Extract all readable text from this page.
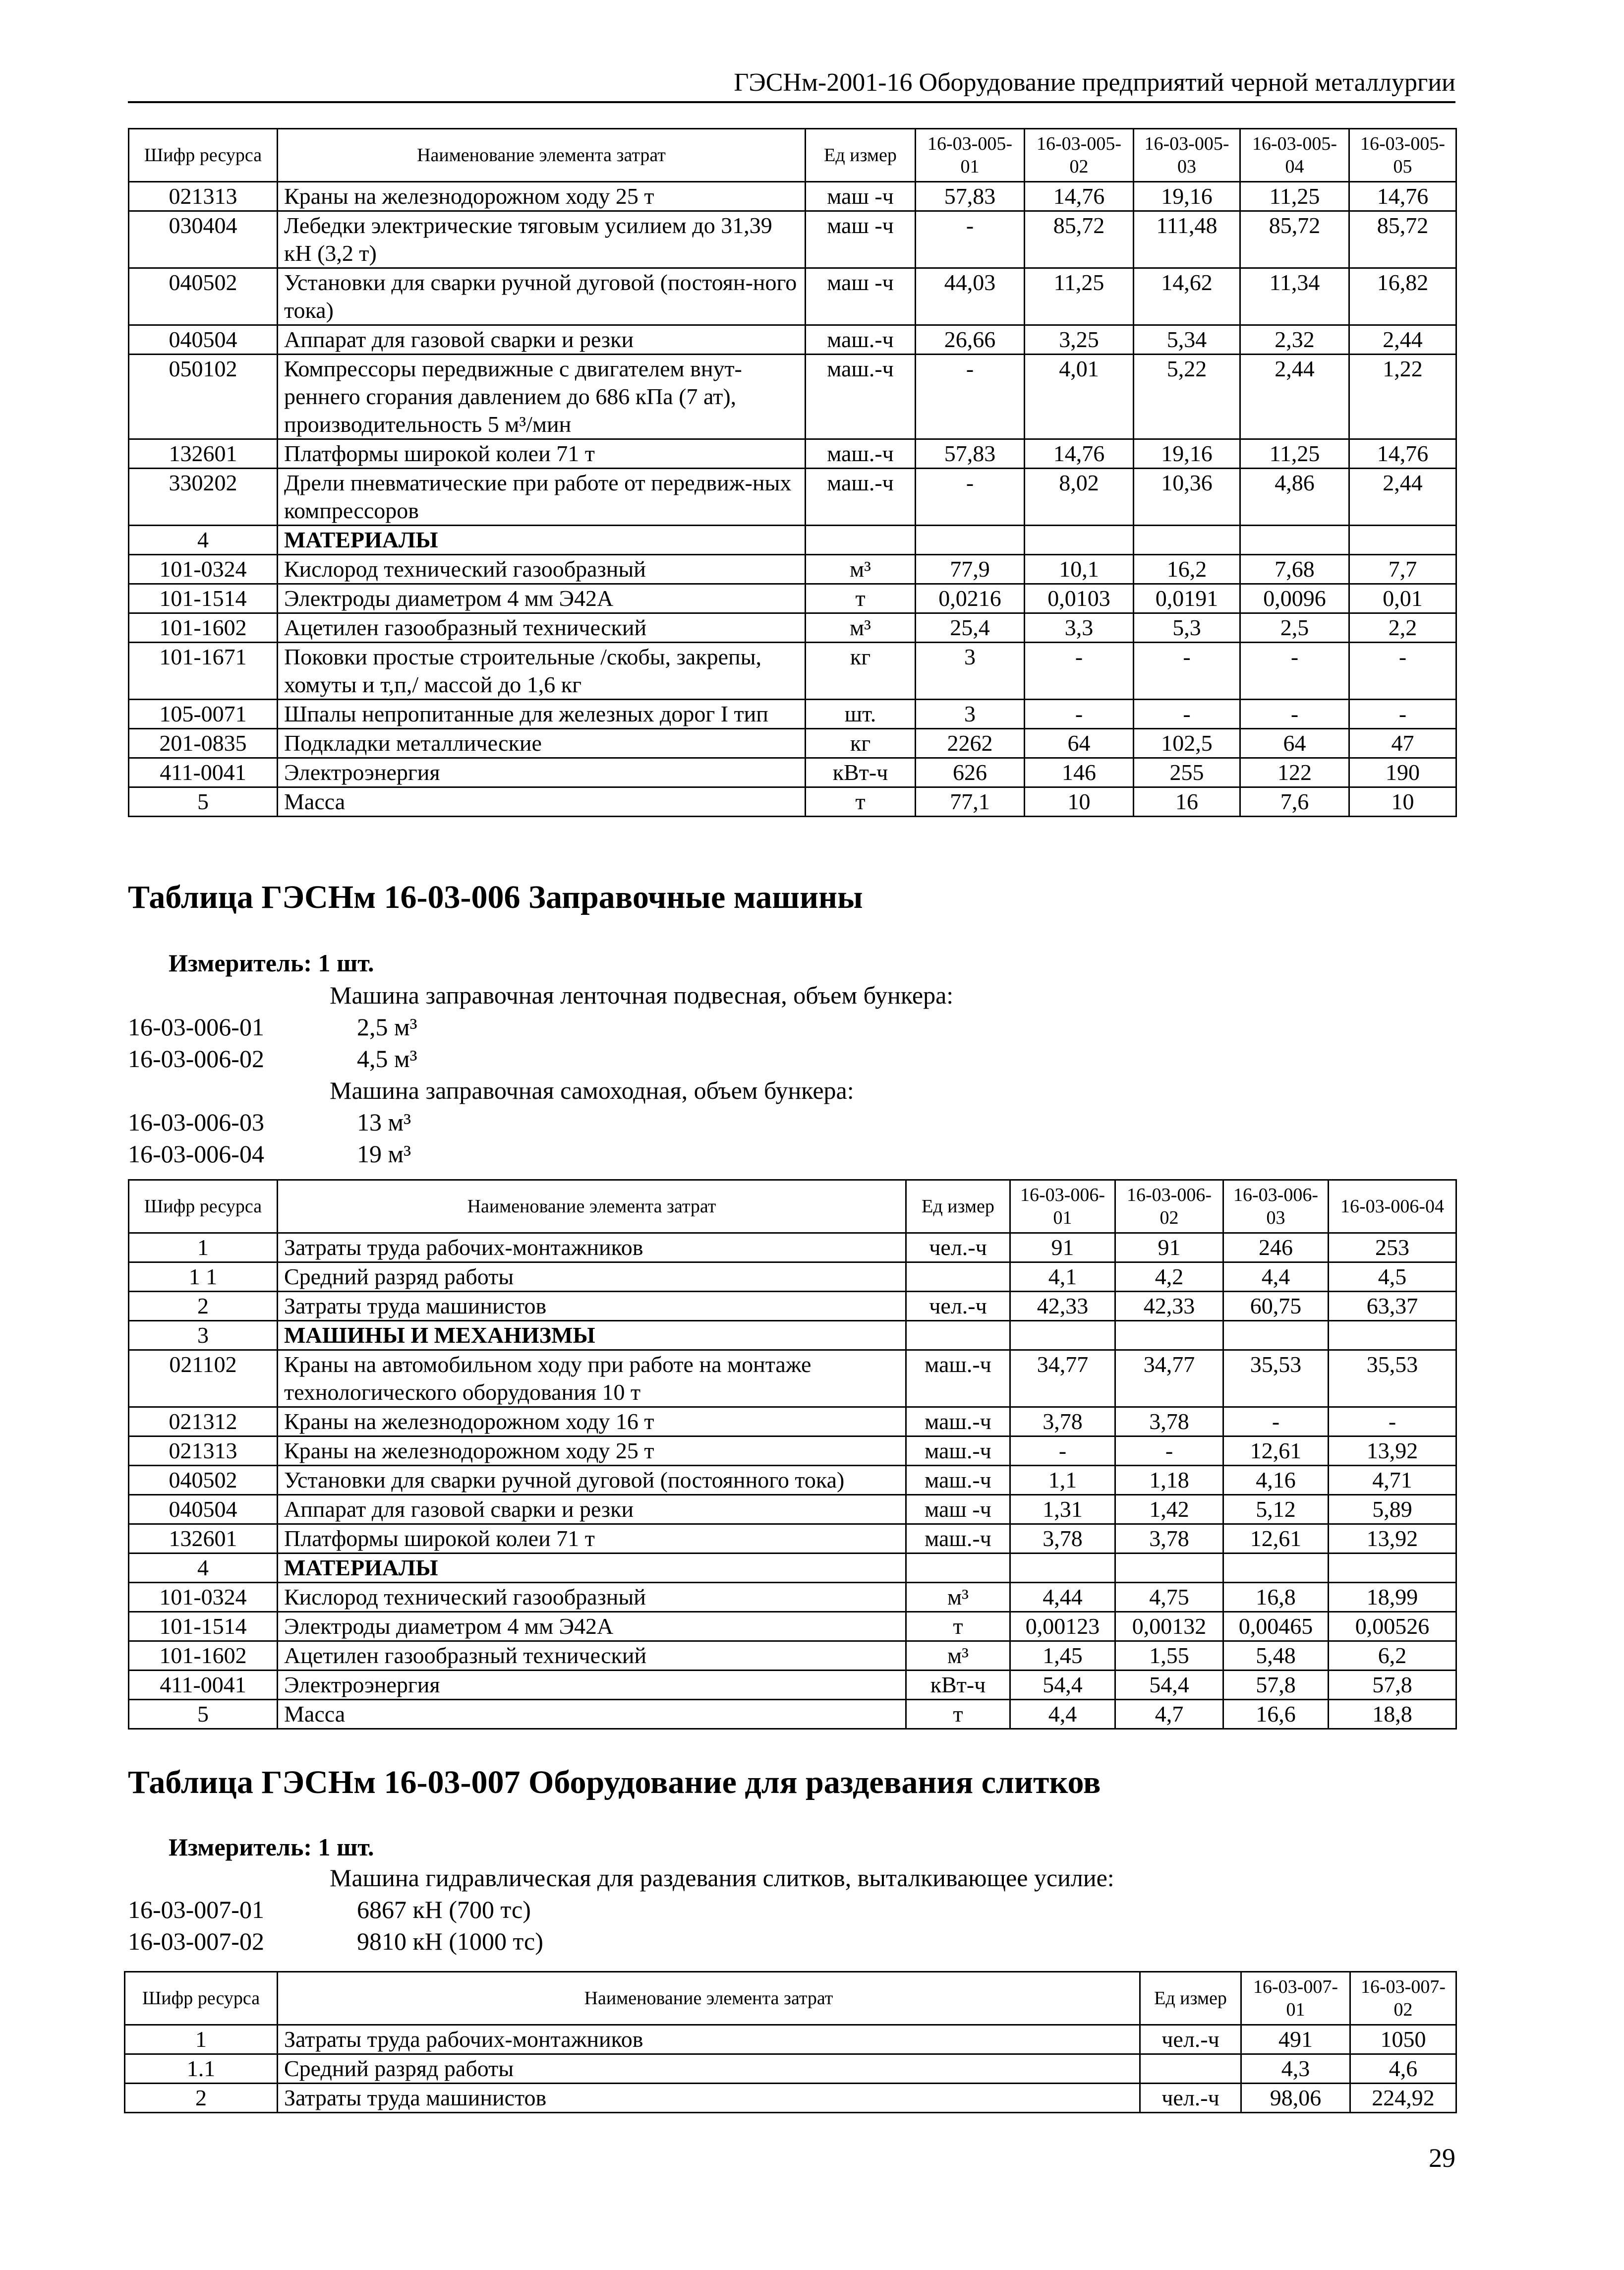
ГЭСНм-2001-16 Оборудование предприятий черной металлургии
Шифр ресурса	Наименование элемента затрат	Ед измер	16-03-005-01	16-03-005-02	16-03-005-03	16-03-005-04	16-03-005-05
021313	Краны на железнодорожном ходу 25 т	маш -ч	57,83	14,76	19,16	11,25	14,76
030404	Лебедки электрические тяговым усилием до 31,39 кН (3,2 т)	маш -ч	-	85,72	111,48	85,72	85,72
040502	Установки для сварки ручной дуговой (постоян-ного тока)	маш -ч	44,03	11,25	14,62	11,34	16,82
040504	Аппарат для газовой сварки и резки	маш.-ч	26,66	3,25	5,34	2,32	2,44
050102	Компрессоры передвижные с двигателем внут-реннего сгорания давлением до 686 кПа (7 ат), производительность 5 м³/мин	маш.-ч	-	4,01	5,22	2,44	1,22
132601	Платформы широкой колеи 71 т	маш.-ч	57,83	14,76	19,16	11,25	14,76
330202	Дрели пневматические при работе от передвиж-ных компрессоров	маш.-ч	-	8,02	10,36	4,86	2,44
4	МАТЕРИАЛЫ						
101-0324	Кислород технический газообразный	м³	77,9	10,1	16,2	7,68	7,7
101-1514	Электроды диаметром 4 мм Э42А	т	0,0216	0,0103	0,0191	0,0096	0,01
101-1602	Ацетилен газообразный технический	м³	25,4	3,3	5,3	2,5	2,2
101-1671	Поковки простые строительные /скобы, закрепы, хомуты и т,п,/ массой до 1,6 кг	кг	3	-	-	-	-
105-0071	Шпалы непропитанные для железных дорог I тип	шт.	3	-	-	-	-
201-0835	Подкладки металлические	кг	2262	64	102,5	64	47
411-0041	Электроэнергия	кВт-ч	626	146	255	122	190
5	Масса	т	77,1	10	16	7,6	10
Таблица ГЭСНм 16-03-006 Заправочные машины
Измеритель: 1 шт.
Машина заправочная ленточная подвесная, объем бункера:
16-03-006-01	2,5 м³
16-03-006-02	4,5 м³
Машина заправочная самоходная, объем бункера:
16-03-006-03	13 м³
16-03-006-04	19 м³
Шифр ресурса	Наименование элемента затрат	Ед измер	16-03-006-01	16-03-006-02	16-03-006-03	16-03-006-04
1	Затраты труда рабочих-монтажников	чел.-ч	91	91	246	253
1 1	Средний разряд работы		4,1	4,2	4,4	4,5
2	Затраты труда машинистов	чел.-ч	42,33	42,33	60,75	63,37
3	МАШИНЫ И МЕХАНИЗМЫ					
021102	Краны на автомобильном ходу при работе на монтаже технологического оборудования 10 т	маш.-ч	34,77	34,77	35,53	35,53
021312	Краны на железнодорожном ходу 16 т	маш.-ч	3,78	3,78	-	-
021313	Краны на железнодорожном ходу 25 т	маш.-ч	-	-	12,61	13,92
040502	Установки для сварки ручной дуговой (постоянного тока)	маш.-ч	1,1	1,18	4,16	4,71
040504	Аппарат для газовой сварки и резки	маш -ч	1,31	1,42	5,12	5,89
132601	Платформы широкой колеи 71 т	маш.-ч	3,78	3,78	12,61	13,92
4	МАТЕРИАЛЫ					
101-0324	Кислород технический газообразный	м³	4,44	4,75	16,8	18,99
101-1514	Электроды диаметром 4 мм Э42А	т	0,00123	0,00132	0,00465	0,00526
101-1602	Ацетилен газообразный технический	м³	1,45	1,55	5,48	6,2
411-0041	Электроэнергия	кВт-ч	54,4	54,4	57,8	57,8
5	Масса	т	4,4	4,7	16,6	18,8
Таблица ГЭСНм 16-03-007 Оборудование для раздевания слитков
Измеритель: 1 шт.
Машина гидравлическая для раздевания слитков, выталкивающее усилие:
16-03-007-01	6867 кН (700 тс)
16-03-007-02	9810 кН (1000 тс)
Шифр ресурса	Наименование элемента затрат	Ед измер	16-03-007-01	16-03-007-02
1	Затраты труда рабочих-монтажников	чел.-ч	491	1050
1.1	Средний разряд работы		4,3	4,6
2	Затраты труда машинистов	чел.-ч	98,06	224,92
29
